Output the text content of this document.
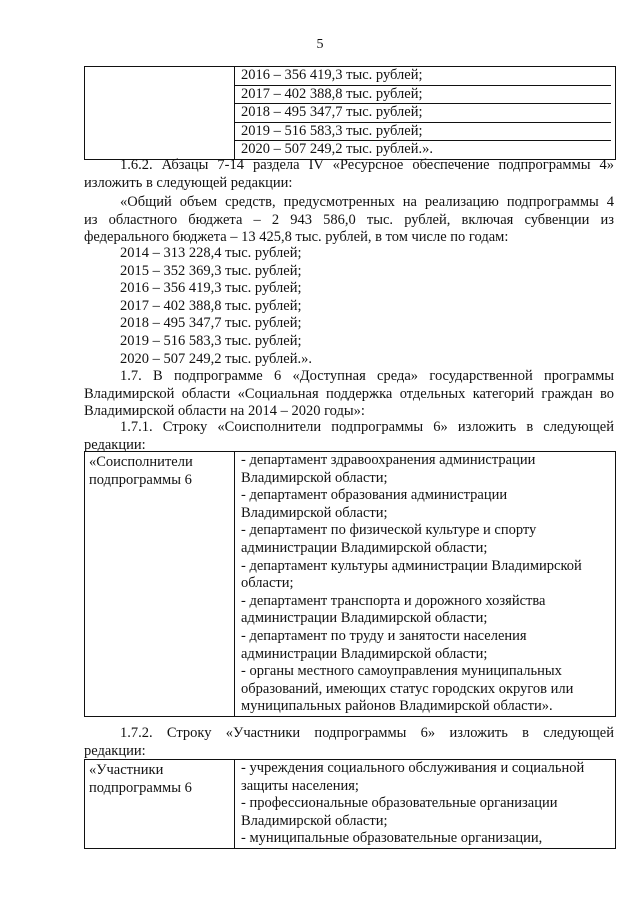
5
2016 – 356 419,3 тыс. рублей;
2017 – 402 388,8 тыс. рублей;
2018 – 495 347,7 тыс. рублей;
2019 – 516 583,3 тыс. рублей;
2020 – 507 249,2 тыс. рублей.».
1.6.2. Абзацы 7-14 раздела IV «Ресурсное обеспечение подпрограммы 4»
изложить в следующей редакции:
«Общий объем средств, предусмотренных на реализацию подпрограммы 4
из областного бюджета – 2 943 586,0 тыс. рублей, включая субвенции из
федерального бюджета – 13 425,8 тыс. рублей, в том числе по годам:
2014 – 313 228,4 тыс. рублей;
2015 – 352 369,3 тыс. рублей;
2016 – 356 419,3 тыс. рублей;
2017 – 402 388,8 тыс. рублей;
2018 – 495 347,7 тыс. рублей;
2019 – 516 583,3 тыс. рублей;
2020 – 507 249,2 тыс. рублей.».
1.7. В подпрограмме 6 «Доступная среда» государственной программы
Владимирской области «Социальная поддержка отдельных категорий граждан во
Владимирской области на 2014 – 2020 годы»:
1.7.1. Строку «Соисполнители подпрограммы 6» изложить в следующей
редакции:
«Соисполнители
подпрограммы 6
- департамент здравоохранения администрации
Владимирской области;
- департамент образования администрации
Владимирской области;
- департамент по физической культуре и спорту
администрации Владимирской области;
- департамент культуры администрации Владимирской
области;
- департамент транспорта и дорожного хозяйства
администрации Владимирской области;
- департамент по труду и занятости населения
администрации Владимирской области;
- органы местного самоуправления муниципальных
образований, имеющих статус городских округов или
муниципальных районов Владимирской области».
1.7.2. Строку «Участники подпрограммы 6» изложить в следующей
редакции:
«Участники
подпрограммы 6
- учреждения социального обслуживания и социальной
защиты населения;
- профессиональные образовательные организации
Владимирской области;
- муниципальные образовательные организации,
